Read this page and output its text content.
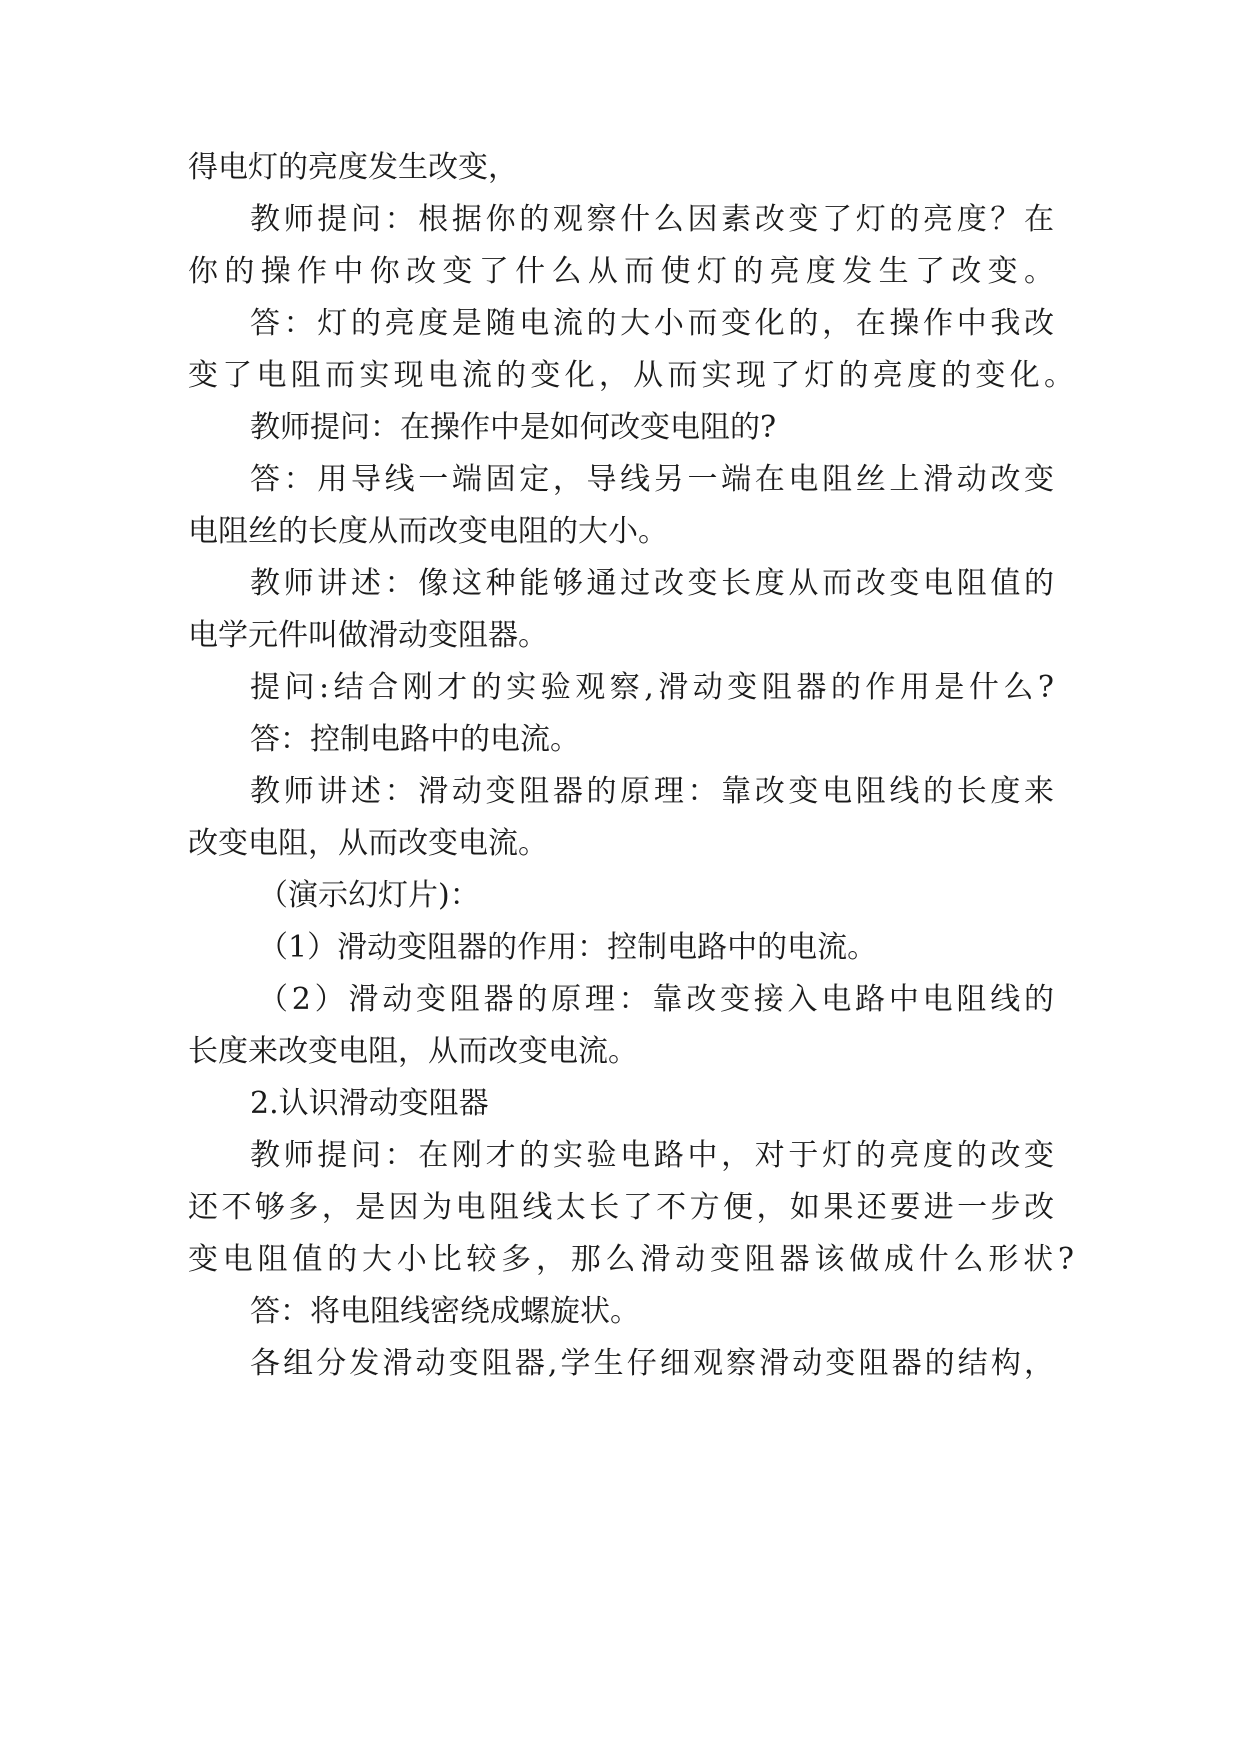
得电灯的亮度发生改变，
教师提问：根据你的观察什么因素改变了灯的亮度？在
你的操作中你改变了什么从而使灯的亮度发生了改变。
答：灯的亮度是随电流的大小而变化的，在操作中我改
变了电阻而实现电流的变化，从而实现了灯的亮度的变化。
教师提问：在操作中是如何改变电阻的?
答：用导线一端固定，导线另一端在电阻丝上滑动改变
电阻丝的长度从而改变电阻的大小。
教师讲述：像这种能够通过改变长度从而改变电阻值的
电学元件叫做滑动变阻器。
提问:结合刚才的实验观察,滑动变阻器的作用是什么?
答：控制电路中的电流。
教师讲述：滑动变阻器的原理：靠改变电阻线的长度来
改变电阻，从而改变电流。
（演示幻灯片)：
（1）滑动变阻器的作用：控制电路中的电流。
（2）滑动变阻器的原理：靠改变接入电路中电阻线的
长度来改变电阻，从而改变电流。
2.认识滑动变阻器
教师提问：在刚才的实验电路中，对于灯的亮度的改变
还不够多，是因为电阻线太长了不方便，如果还要进一步改
变电阻值的大小比较多，那么滑动变阻器该做成什么形状?
答：将电阻线密绕成螺旋状。
各组分发滑动变阻器,学生仔细观察滑动变阻器的结构，
